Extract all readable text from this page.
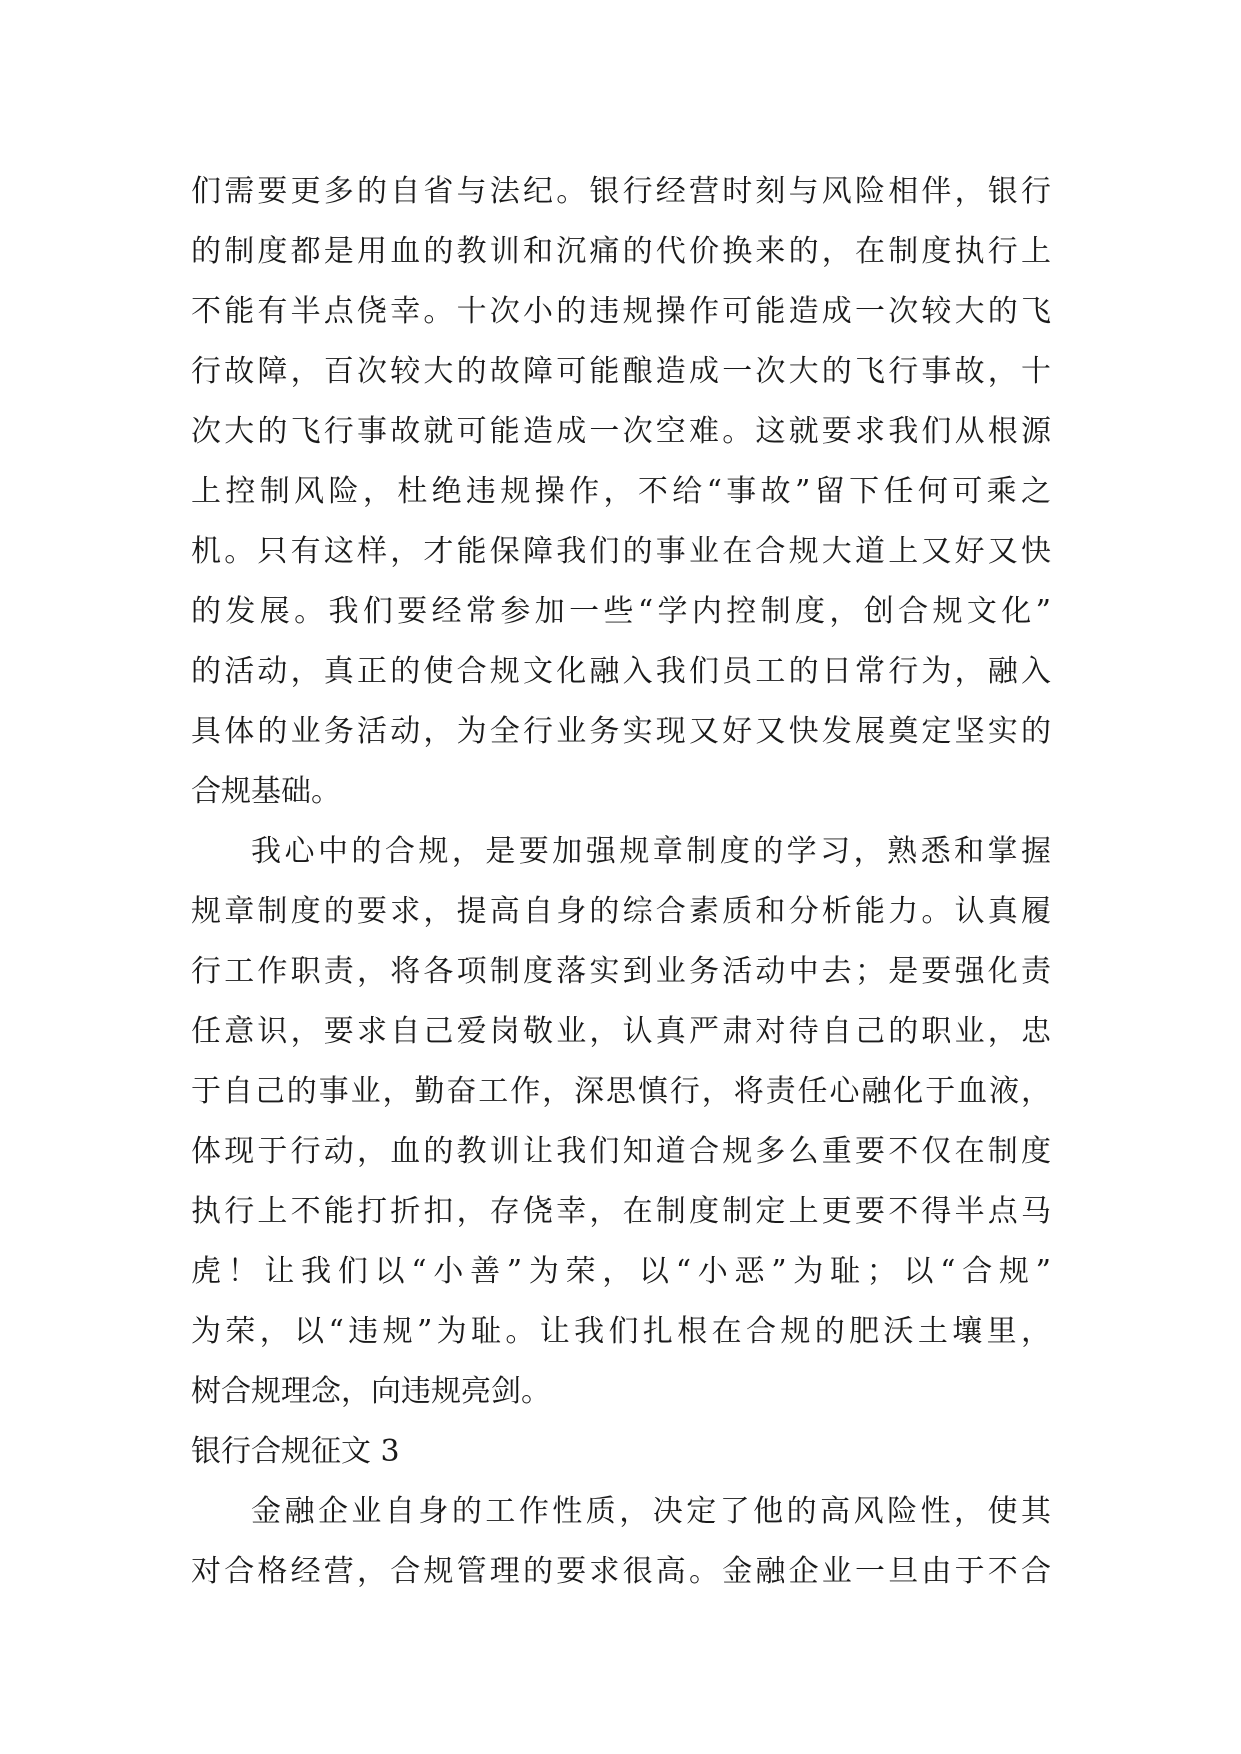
们需要更多的自省与法纪。银行经营时刻与风险相伴，银行
的制度都是用血的教训和沉痛的代价换来的，在制度执行上
不能有半点侥幸。十次小的违规操作可能造成一次较大的飞
行故障，百次较大的故障可能酿造成一次大的飞行事故，十
次大的飞行事故就可能造成一次空难。这就要求我们从根源
上控制风险，杜绝违规操作，不给“事故”留下任何可乘之
机。只有这样，才能保障我们的事业在合规大道上又好又快
的发展。我们要经常参加一些“学内控制度，创合规文化”
的活动，真正的使合规文化融入我们员工的日常行为，融入
具体的业务活动，为全行业务实现又好又快发展奠定坚实的
合规基础。
我心中的合规，是要加强规章制度的学习，熟悉和掌握
规章制度的要求，提高自身的综合素质和分析能力。认真履
行工作职责，将各项制度落实到业务活动中去；是要强化责
任意识，要求自己爱岗敬业，认真严肃对待自己的职业，忠
于自己的事业，勤奋工作，深思慎行，将责任心融化于血液，
体现于行动，血的教训让我们知道合规多么重要不仅在制度
执行上不能打折扣，存侥幸，在制度制定上更要不得半点马
虎！让我们以“小善”为荣，以“小恶”为耻；以“合规”
为荣，以“违规”为耻。让我们扎根在合规的肥沃土壤里，
树合规理念，向违规亮剑。
银行合规征文 3
金融企业自身的工作性质，决定了他的高风险性，使其
对合格经营，合规管理的要求很高。金融企业一旦由于不合
